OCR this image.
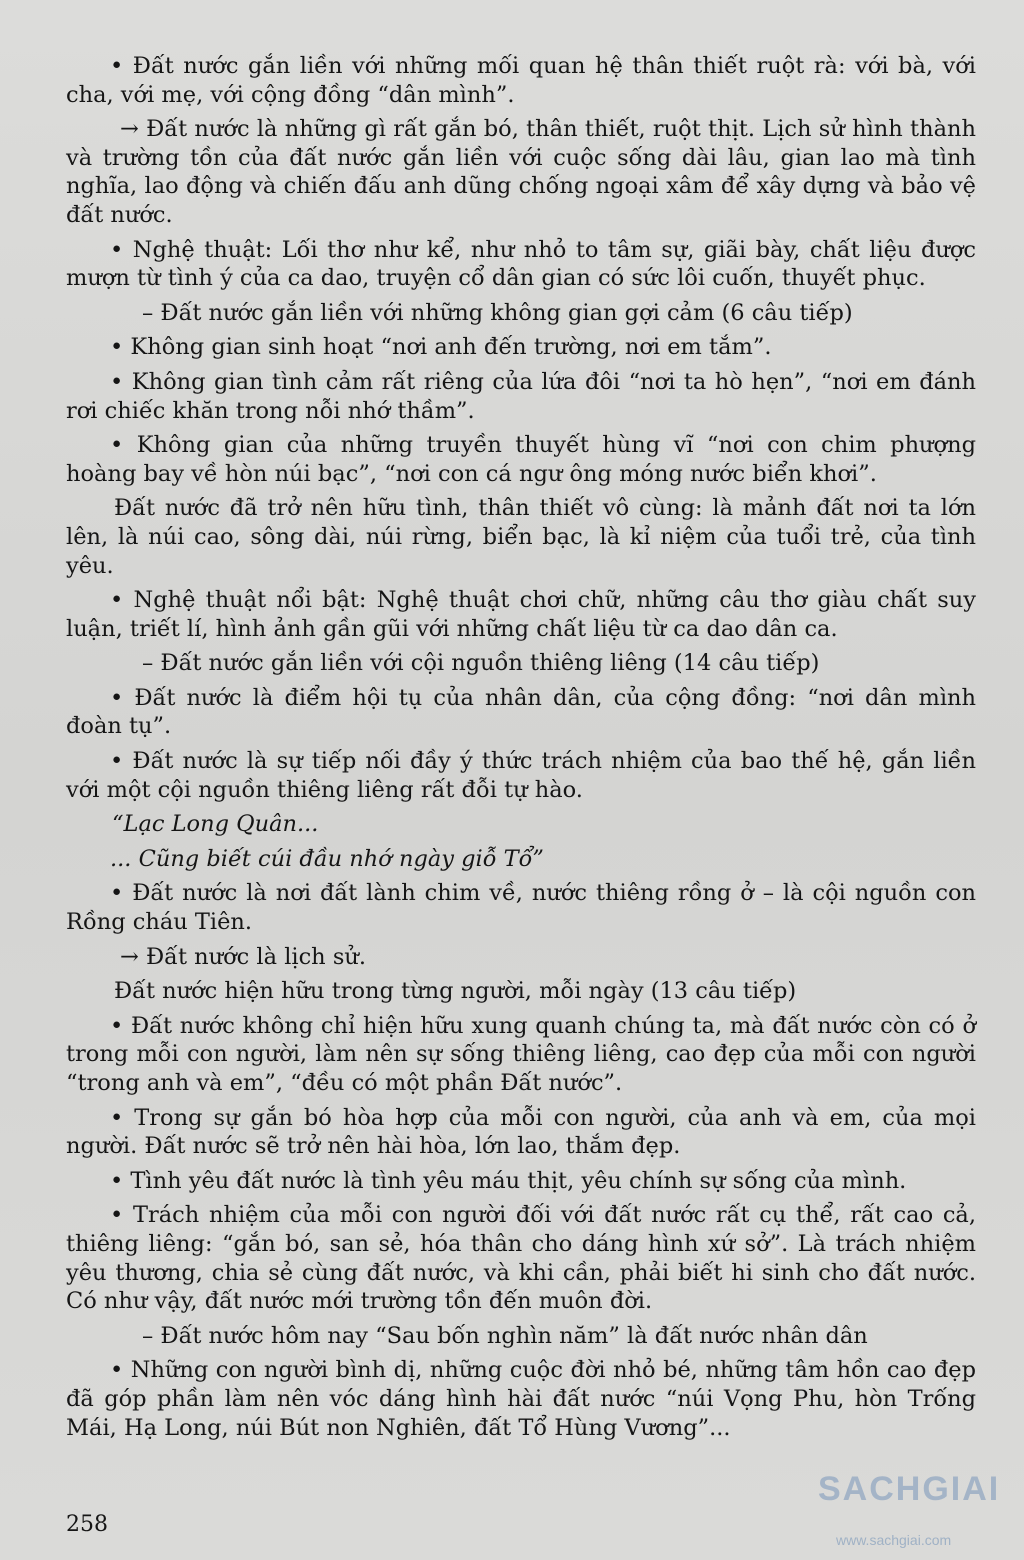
• Đất nước gắn liền với những mối quan hệ thân thiết ruột rà: với bà, với cha, với mẹ, với cộng đồng “dân mình”.

→ Đất nước là những gì rất gắn bó, thân thiết, ruột thịt. Lịch sử hình thành và trường tồn của đất nước gắn liền với cuộc sống dài lâu, gian lao mà tình nghĩa, lao động và chiến đấu anh dũng chống ngoại xâm để xây dựng và bảo vệ đất nước.

• Nghệ thuật: Lối thơ như kể, như nhỏ to tâm sự, giãi bày, chất liệu được mượn từ tình ý của ca dao, truyện cổ dân gian có sức lôi cuốn, thuyết phục.

– Đất nước gắn liền với những không gian gợi cảm (6 câu tiếp)

• Không gian sinh hoạt “nơi anh đến trường, nơi em tắm”.

• Không gian tình cảm rất riêng của lứa đôi “nơi ta hò hẹn”, “nơi em đánh rơi chiếc khăn trong nỗi nhớ thầm”.

• Không gian của những truyền thuyết hùng vĩ “nơi con chim phượng hoàng bay về hòn núi bạc”, “nơi con cá ngư ông móng nước biển khơi”.

Đất nước đã trở nên hữu tình, thân thiết vô cùng: là mảnh đất nơi ta lớn lên, là núi cao, sông dài, núi rừng, biển bạc, là kỉ niệm của tuổi trẻ, của tình yêu.

• Nghệ thuật nổi bật: Nghệ thuật chơi chữ, những câu thơ giàu chất suy luận, triết lí, hình ảnh gần gũi với những chất liệu từ ca dao dân ca.

– Đất nước gắn liền với cội nguồn thiêng liêng (14 câu tiếp)

• Đất nước là điểm hội tụ của nhân dân, của cộng đồng: “nơi dân mình đoàn tụ”.

• Đất nước là sự tiếp nối đầy ý thức trách nhiệm của bao thế hệ, gắn liền với một cội nguồn thiêng liêng rất đỗi tự hào.

“Lạc Long Quân...

... Cũng biết cúi đầu nhớ ngày giỗ Tổ”

• Đất nước là nơi đất lành chim về, nước thiêng rồng ở – là cội nguồn con Rồng cháu Tiên.

→ Đất nước là lịch sử.

Đất nước hiện hữu trong từng người, mỗi ngày (13 câu tiếp)

• Đất nước không chỉ hiện hữu xung quanh chúng ta, mà đất nước còn có ở trong mỗi con người, làm nên sự sống thiêng liêng, cao đẹp của mỗi con người “trong anh và em”, “đều có một phần Đất nước”.

• Trong sự gắn bó hòa hợp của mỗi con người, của anh và em, của mọi người. Đất nước sẽ trở nên hài hòa, lớn lao, thắm đẹp.

• Tình yêu đất nước là tình yêu máu thịt, yêu chính sự sống của mình.

• Trách nhiệm của mỗi con người đối với đất nước rất cụ thể, rất cao cả, thiêng liêng: “gắn bó, san sẻ, hóa thân cho dáng hình xứ sở”. Là trách nhiệm yêu thương, chia sẻ cùng đất nước, và khi cần, phải biết hi sinh cho đất nước. Có như vậy, đất nước mới trường tồn đến muôn đời.

– Đất nước hôm nay “Sau bốn nghìn năm” là đất nước nhân dân

• Những con người bình dị, những cuộc đời nhỏ bé, những tâm hồn cao đẹp đã góp phần làm nên vóc dáng hình hài đất nước “núi Vọng Phu, hòn Trống Mái, Hạ Long, núi Bút non Nghiên, đất Tổ Hùng Vương”...

258
SACHGIAI
www.sachgiai.com
